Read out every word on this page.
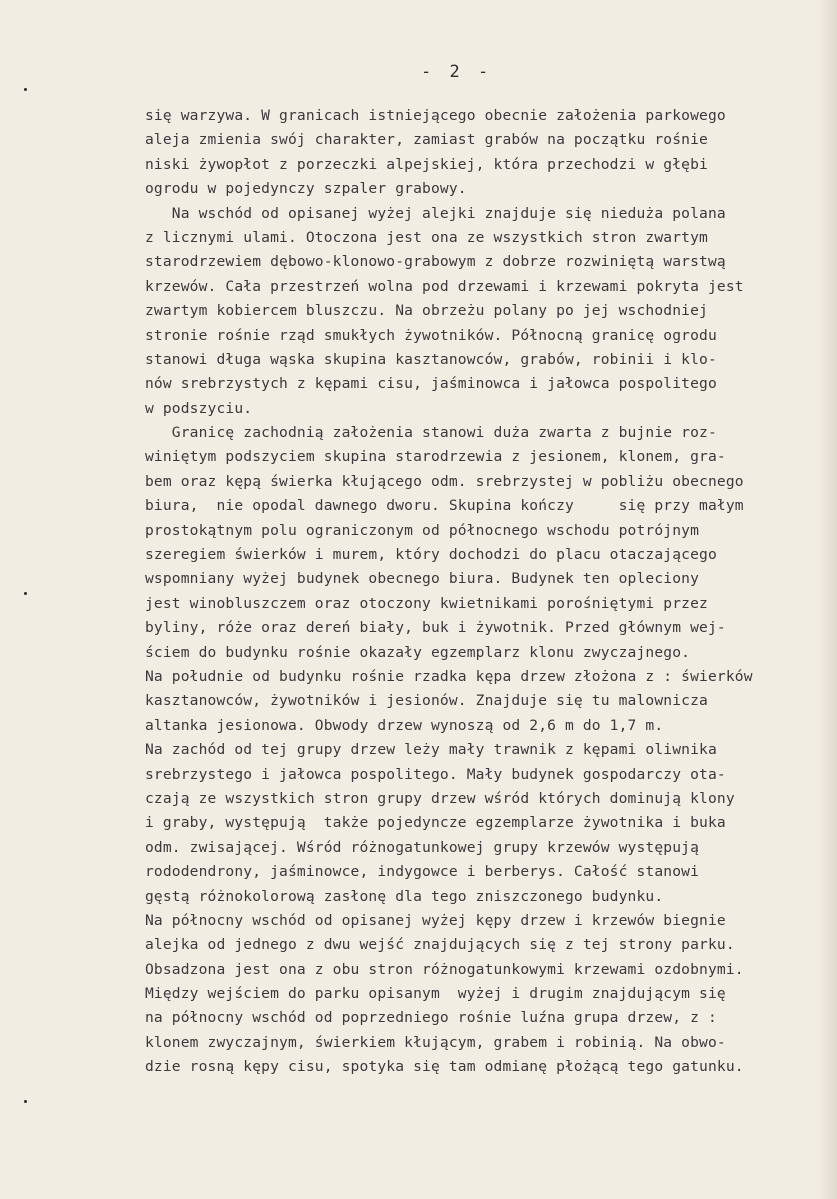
- 2 -
się warzywa. W granicach istniejącego obecnie założenia parkowego
aleja zmienia swój charakter, zamiast grabów na początku rośnie
niski żywopłot z porzeczki alpejskiej, która przechodzi w głębi
ogrodu w pojedynczy szpaler grabowy.
Na wschód od opisanej wyżej alejki znajduje się nieduża polana
z licznymi ulami. Otoczona jest ona ze wszystkich stron zwartym
starodrzewiem dębowo-klonowo-grabowym z dobrze rozwiniętą warstwą
krzewów. Cała przestrzeń wolna pod drzewami i krzewami pokryta jest
zwartym kobiercem bluszczu. Na obrzeżu polany po jej wschodniej
stronie rośnie rząd smukłych żywotników. Północną granicę ogrodu
stanowi długa wąska skupina kasztanowców, grabów, robinii i klo-
nów srebrzystych z kępami cisu, jaśminowca i jałowca pospolitego
w podszyciu.
Granicę zachodnią założenia stanowi duża zwarta z bujnie roz-
winiętym podszyciem skupina starodrzewia z jesionem, klonem, gra-
bem oraz kępą świerka kłującego odm. srebrzystej w pobliżu obecnego
biura,  nie opodal dawnego dworu. Skupina kończy     się przy małym
prostokątnym polu ograniczonym od północnego wschodu potrójnym
szeregiem świerków i murem, który dochodzi do placu otaczającego
wspomniany wyżej budynek obecnego biura. Budynek ten opleciony
jest winobluszczem oraz otoczony kwietnikami porośniętymi przez
byliny, róże oraz dereń biały, buk i żywotnik. Przed głównym wej-
ściem do budynku rośnie okazały egzemplarz klonu zwyczajnego.
Na południe od budynku rośnie rzadka kępa drzew złożona z : świerków
kasztanowców, żywotników i jesionów. Znajduje się tu malownicza
altanka jesionowa. Obwody drzew wynoszą od 2,6 m do 1,7 m.
Na zachód od tej grupy drzew leży mały trawnik z kępami oliwnika
srebrzystego i jałowca pospolitego. Mały budynek gospodarczy ota-
czają ze wszystkich stron grupy drzew wśród których dominują klony
i graby, występują  także pojedyncze egzemplarze żywotnika i buka
odm. zwisającej. Wśród różnogatunkowej grupy krzewów występują
rododendrony, jaśminowce, indygowce i berberys. Całość stanowi
gęstą różnokolorową zasłonę dla tego zniszczonego budynku.
Na północny wschód od opisanej wyżej kępy drzew i krzewów biegnie
alejka od jednego z dwu wejść znajdujących się z tej strony parku.
Obsadzona jest ona z obu stron różnogatunkowymi krzewami ozdobnymi.
Między wejściem do parku opisanym  wyżej i drugim znajdującym się
na północny wschód od poprzedniego rośnie luźna grupa drzew, z :
klonem zwyczajnym, świerkiem kłującym, grabem i robinią. Na obwo-
dzie rosną kępy cisu, spotyka się tam odmianę płożącą tego gatunku.
